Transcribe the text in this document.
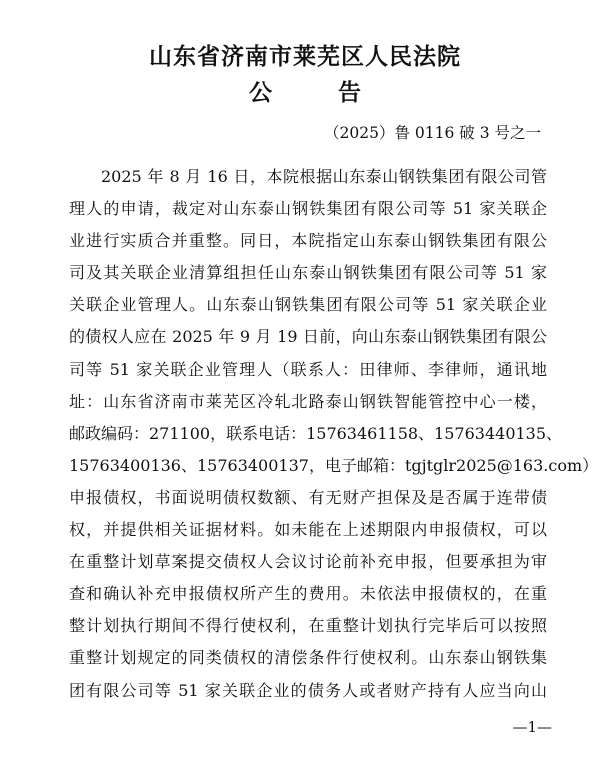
山东省济南市莱芜区人民法院
公 告
（2025）鲁 0116 破 3 号之一
2025 年 8 月 16 日，本院根据山东泰山钢铁集团有限公司管
理人的申请，裁定对山东泰山钢铁集团有限公司等 51 家关联企
业进行实质合并重整。同日，本院指定山东泰山钢铁集团有限公
司及其关联企业清算组担任山东泰山钢铁集团有限公司等 51 家
关联企业管理人。山东泰山钢铁集团有限公司等 51 家关联企业
的债权人应在 2025 年 9 月 19 日前，向山东泰山钢铁集团有限公
司等 51 家关联企业管理人（联系人：田律师、李律师，通讯地
址：山东省济南市莱芜区冷轧北路泰山钢铁智能管控中心一楼，
邮政编码：271100，联系电话：15763461158、15763440135、
15763400136、15763400137，电子邮箱：tgjtglr2025@163.com）
申报债权，书面说明债权数额、有无财产担保及是否属于连带债
权，并提供相关证据材料。如未能在上述期限内申报债权，可以
在重整计划草案提交债权人会议讨论前补充申报，但要承担为审
查和确认补充申报债权所产生的费用。未依法申报债权的，在重
整计划执行期间不得行使权利，在重整计划执行完毕后可以按照
重整计划规定的同类债权的清偿条件行使权利。山东泰山钢铁集
团有限公司等 51 家关联企业的债务人或者财产持有人应当向山
—1—
